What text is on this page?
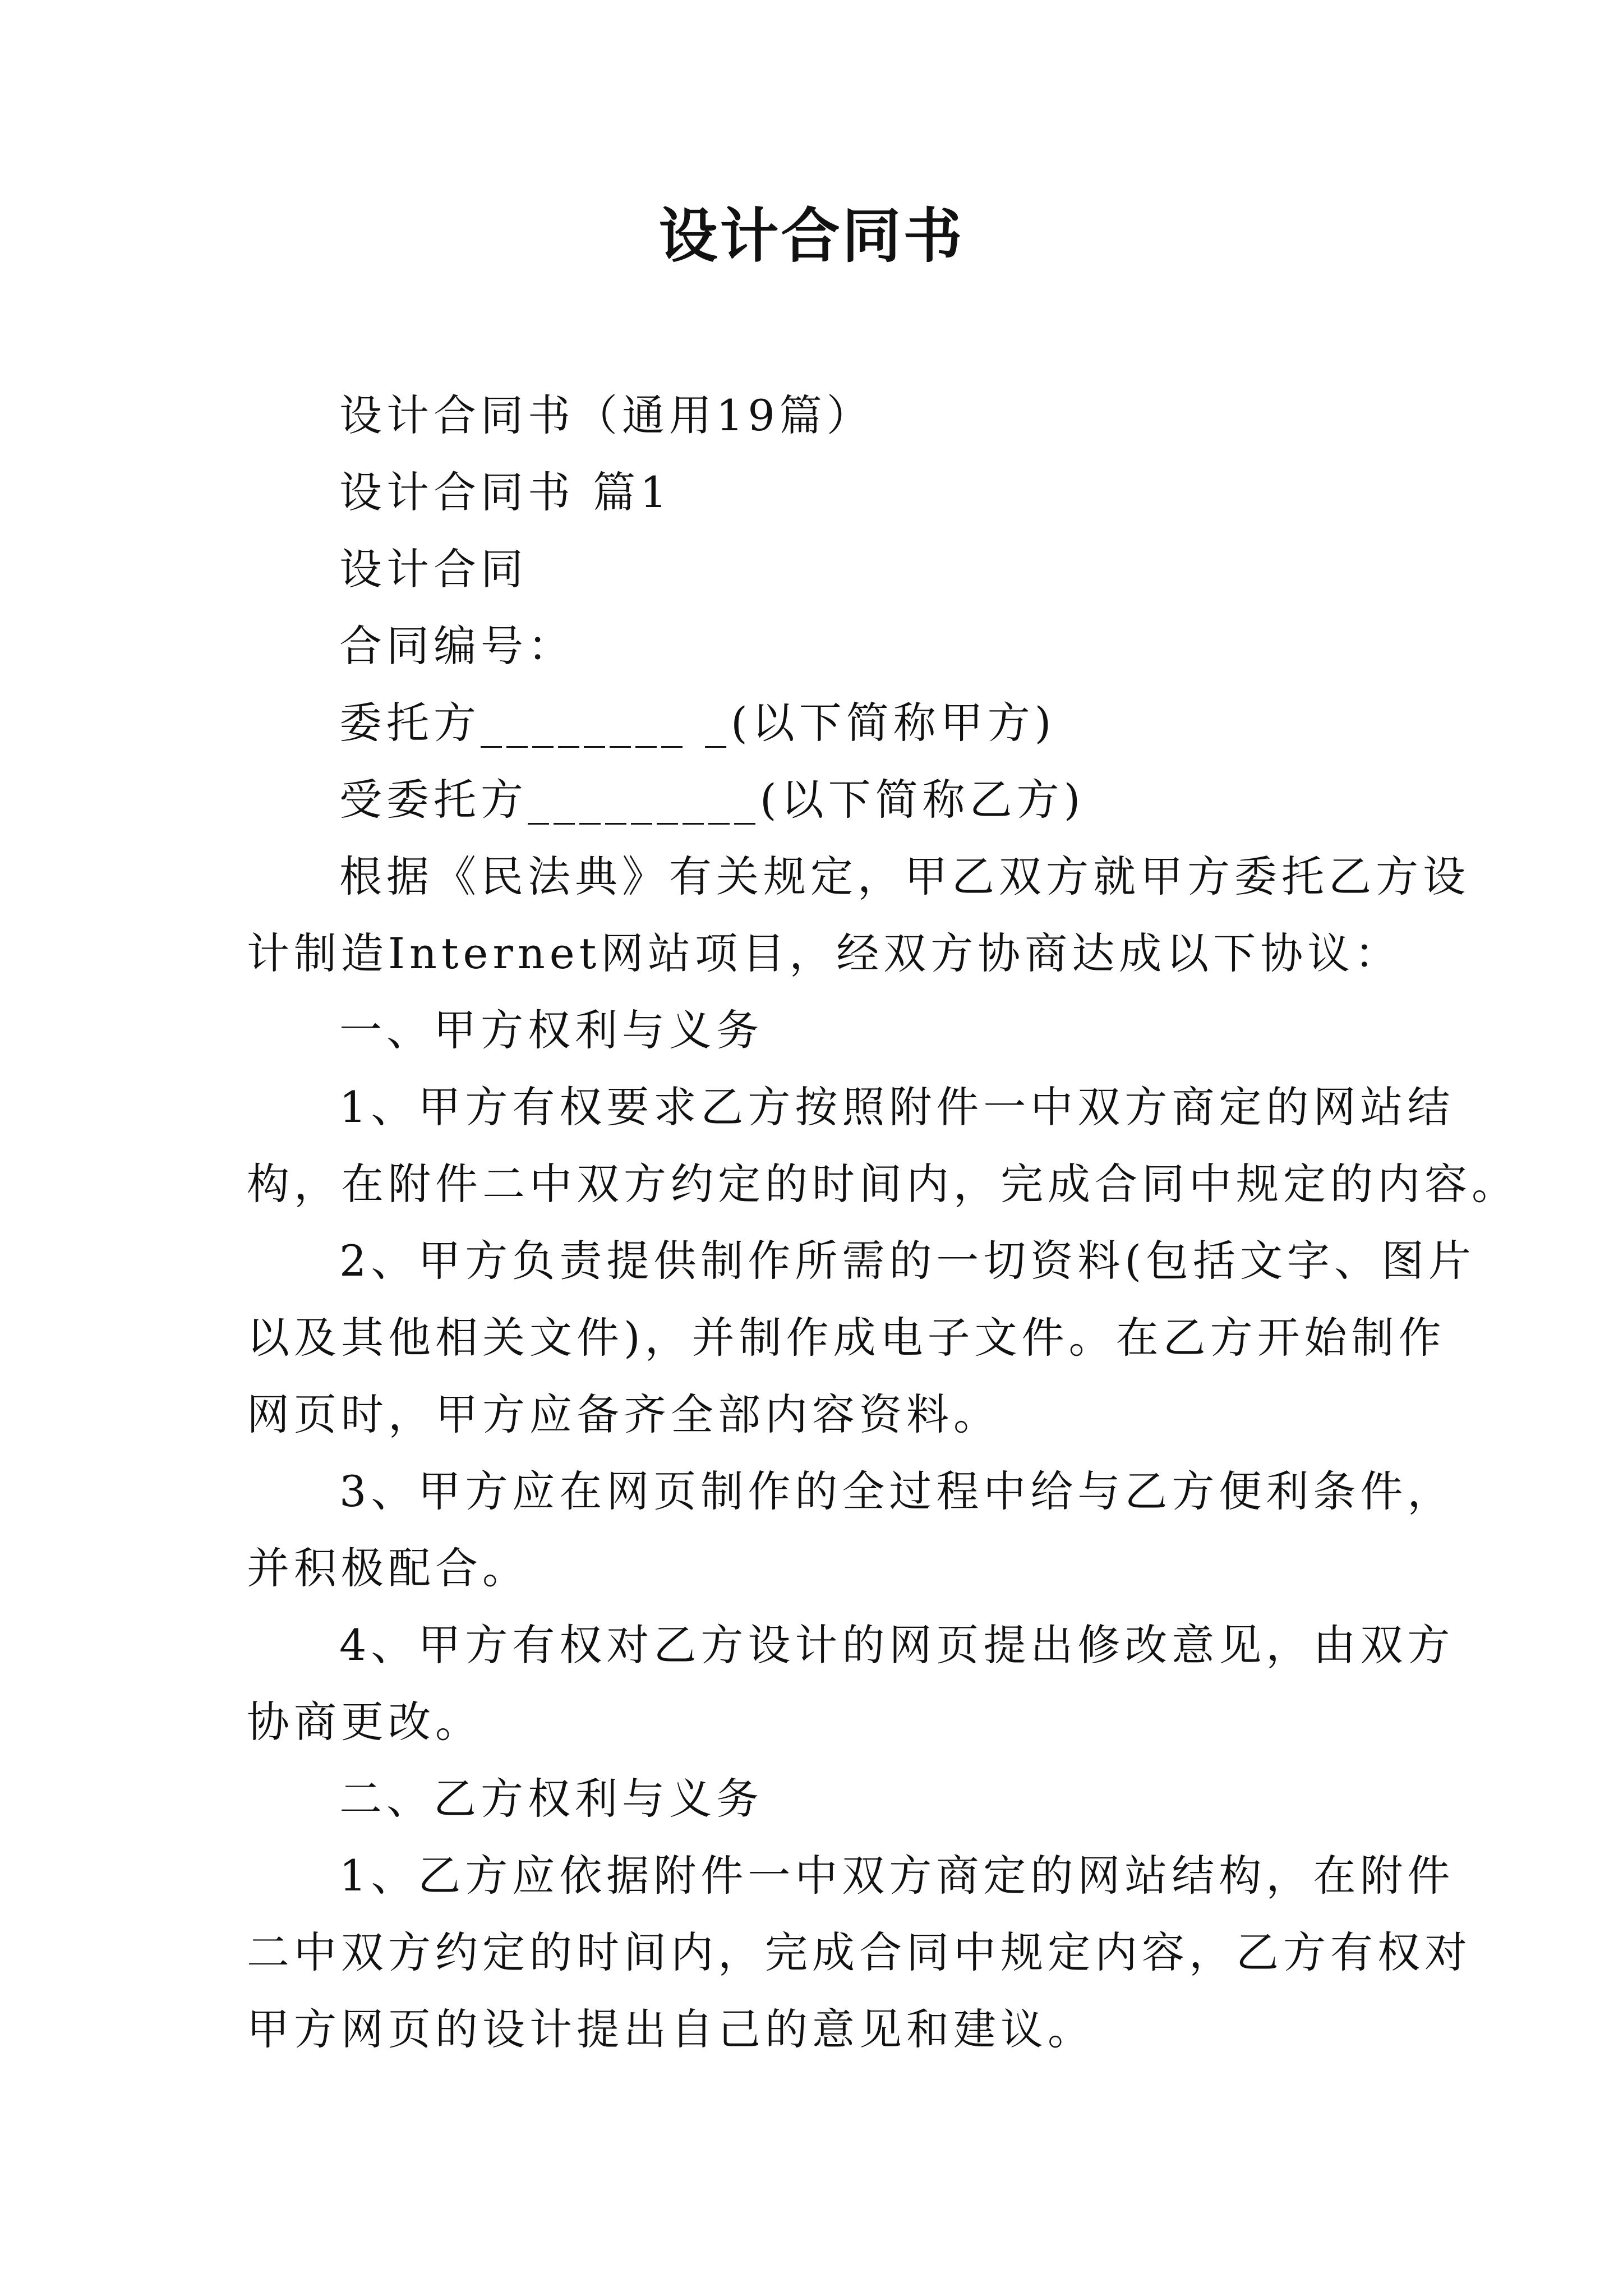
设计合同书

设计合同书（通用19篇）

设计合同书 篇1

设计合同

合同编号：

委托方________ _(以下简称甲方)

受委托方_________(以下简称乙方)

根据《民法典》有关规定，甲乙双方就甲方委托乙方设

计制造Internet网站项目，经双方协商达成以下协议：

一、甲方权利与义务

1、甲方有权要求乙方按照附件一中双方商定的网站结

构，在附件二中双方约定的时间内，完成合同中规定的内容。

2、甲方负责提供制作所需的一切资料(包括文字、图片

以及其他相关文件)，并制作成电子文件。在乙方开始制作

网页时，甲方应备齐全部内容资料。

3、甲方应在网页制作的全过程中给与乙方便利条件，

并积极配合。

4、甲方有权对乙方设计的网页提出修改意见，由双方

协商更改。

二、乙方权利与义务

1、乙方应依据附件一中双方商定的网站结构，在附件

二中双方约定的时间内，完成合同中规定内容，乙方有权对

甲方网页的设计提出自己的意见和建议。
